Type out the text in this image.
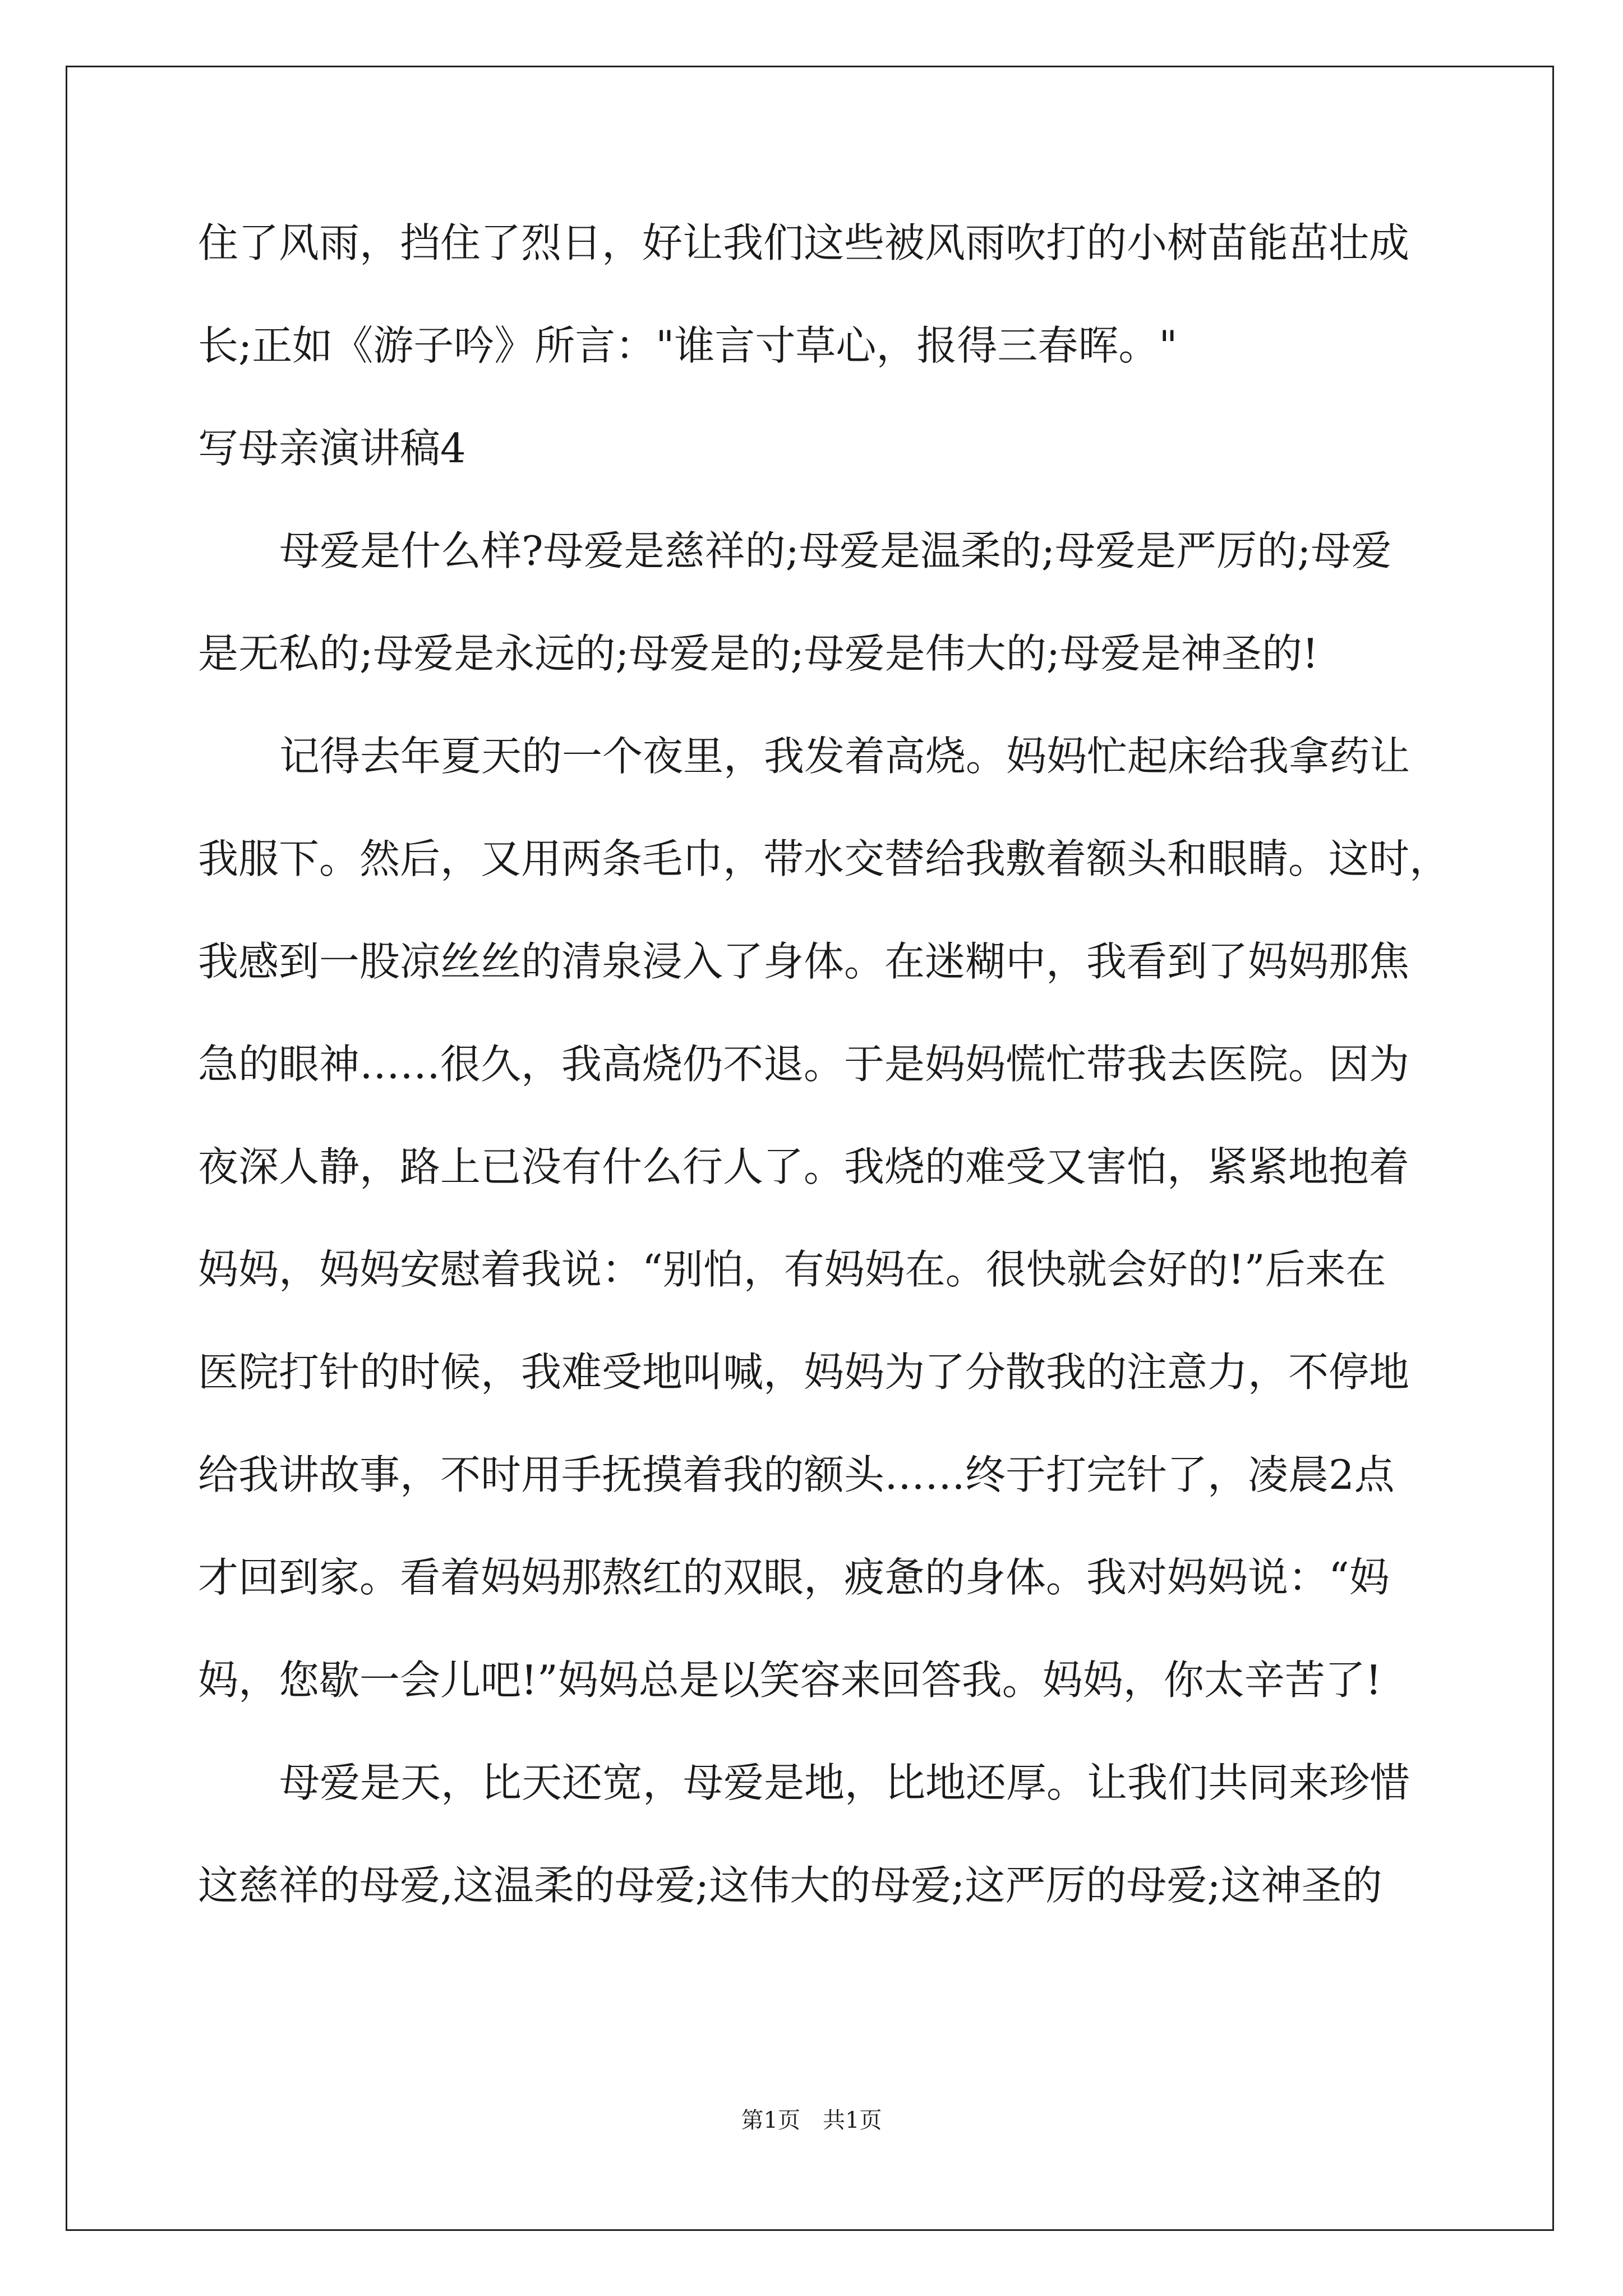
住了风雨，挡住了烈日，好让我们这些被风雨吹打的小树苗能茁壮成
长;正如《游子吟》所言："谁言寸草心，报得三春晖。"
写母亲演讲稿4
母爱是什么样?母爱是慈祥的;母爱是温柔的;母爱是严厉的;母爱
是无私的;母爱是永远的;母爱是的;母爱是伟大的;母爱是神圣的!
记得去年夏天的一个夜里，我发着高烧。妈妈忙起床给我拿药让
我服下。然后，又用两条毛巾，带水交替给我敷着额头和眼睛。这时，
我感到一股凉丝丝的清泉浸入了身体。在迷糊中，我看到了妈妈那焦
急的眼神……很久，我高烧仍不退。于是妈妈慌忙带我去医院。因为
夜深人静，路上已没有什么行人了。我烧的难受又害怕，紧紧地抱着
妈妈，妈妈安慰着我说：“别怕，有妈妈在。很快就会好的!”后来在
医院打针的时候，我难受地叫喊，妈妈为了分散我的注意力，不停地
给我讲故事，不时用手抚摸着我的额头……终于打完针了，凌晨2点
才回到家。看着妈妈那熬红的双眼，疲惫的身体。我对妈妈说：“妈
妈，您歇一会儿吧!”妈妈总是以笑容来回答我。妈妈，你太辛苦了!
母爱是天，比天还宽，母爱是地，比地还厚。让我们共同来珍惜
这慈祥的母爱,这温柔的母爱;这伟大的母爱;这严厉的母爱;这神圣的
第1页　共1页
